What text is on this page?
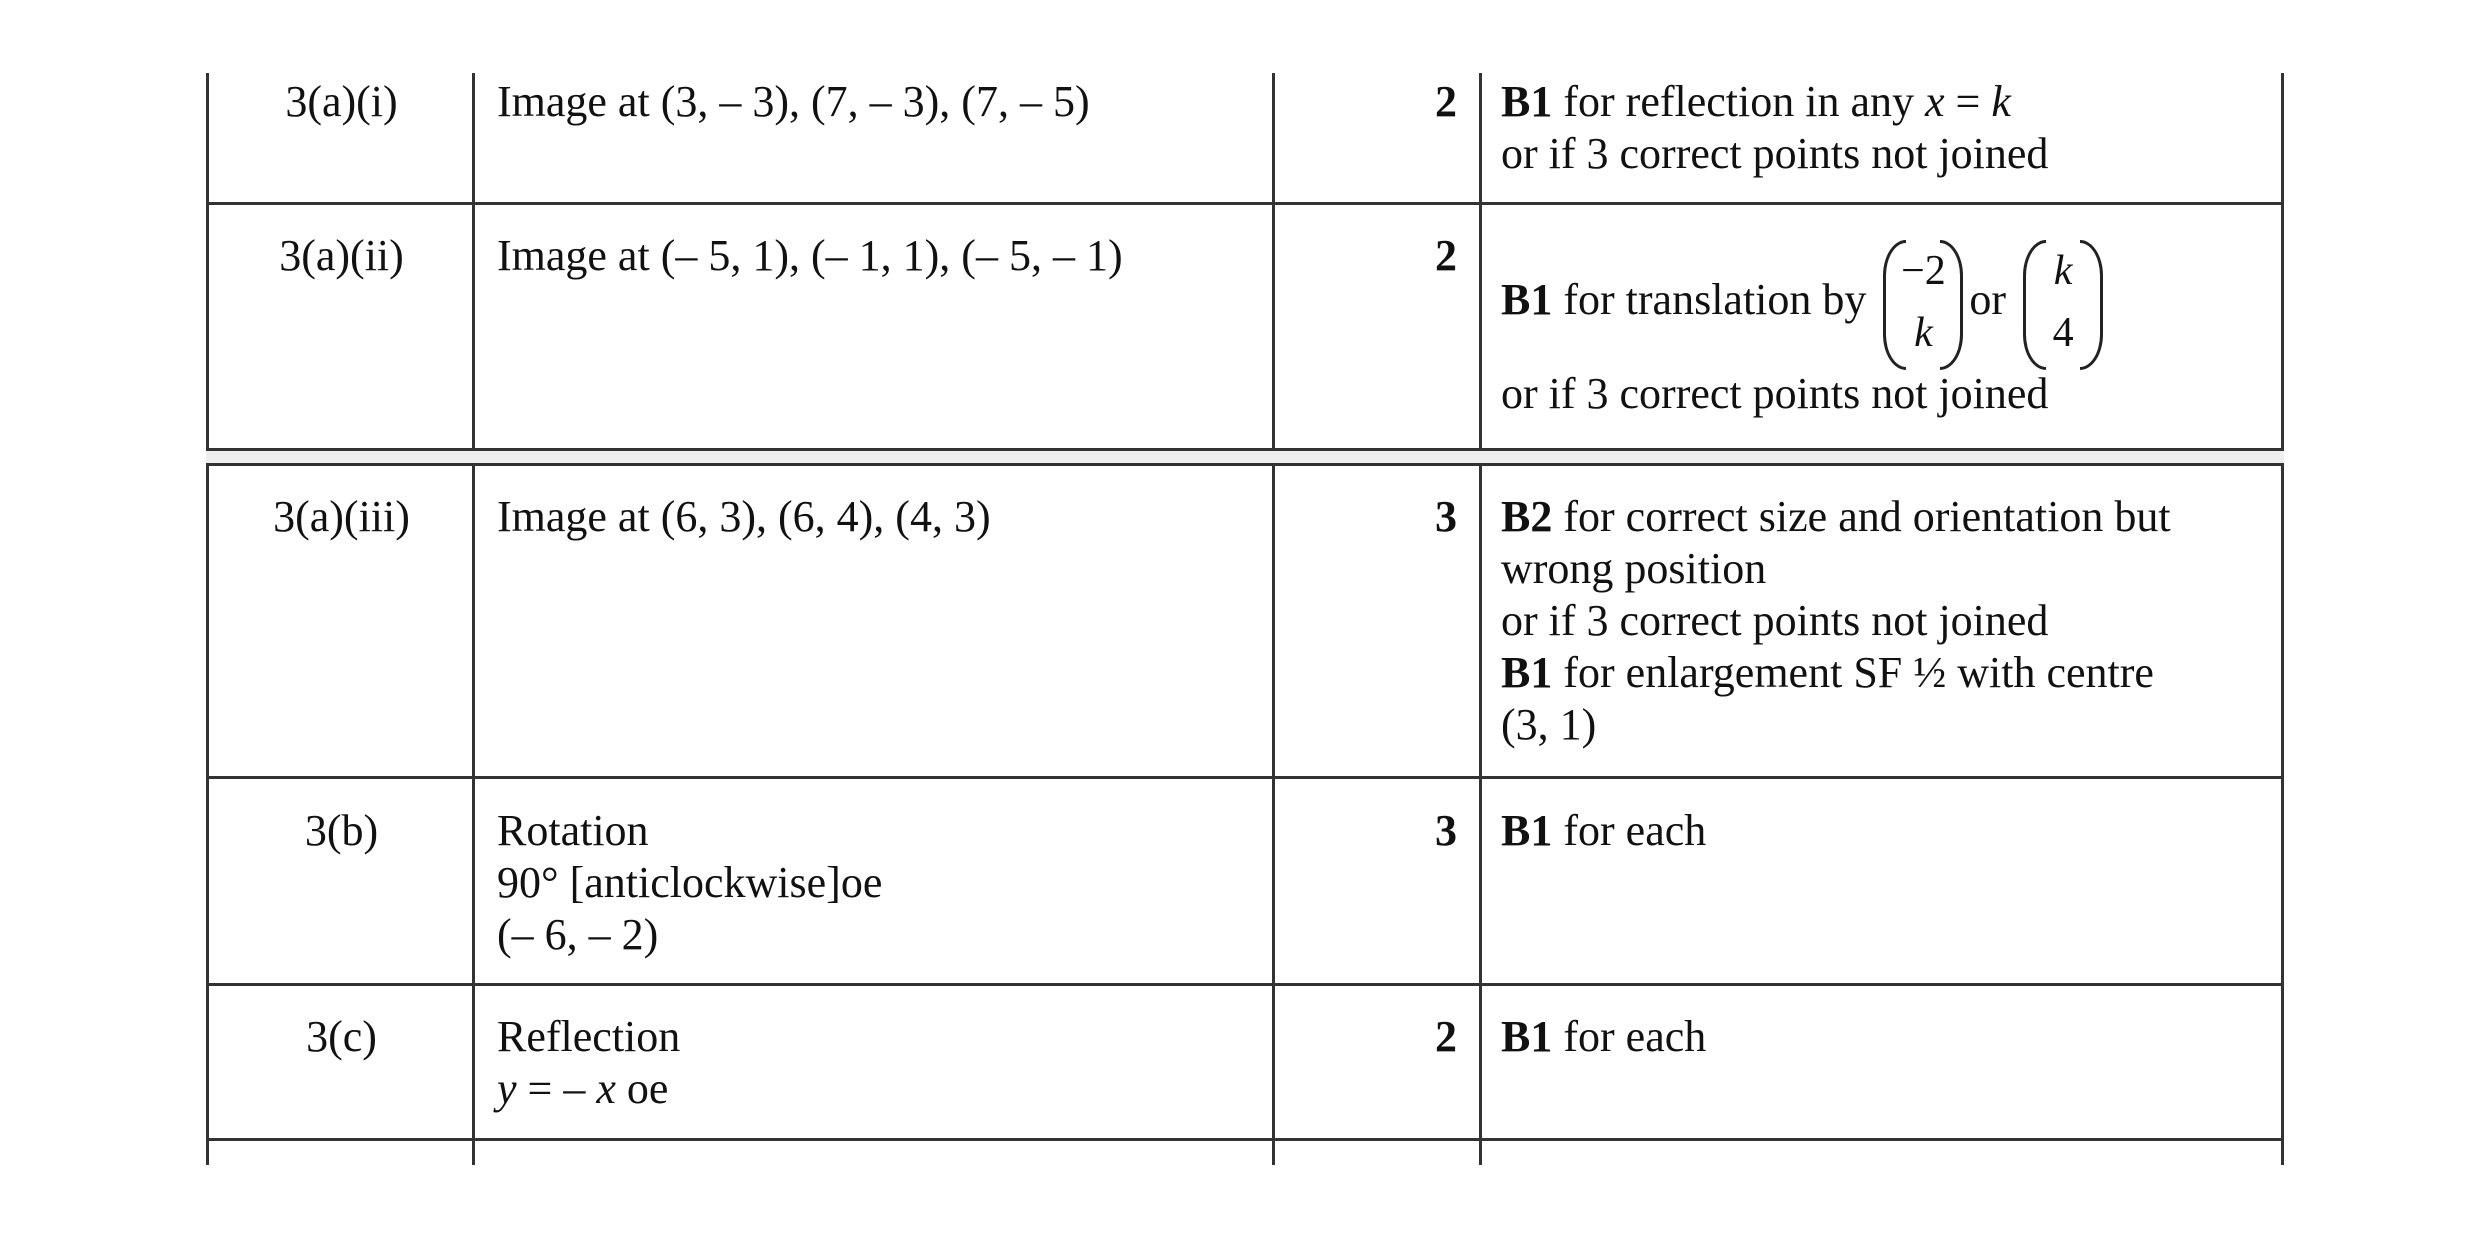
3(a)(i)	Image at (3, – 3), (7, – 3), (7, – 5)	2 B1 for reflection in any x = k
or if 3 correct points not joined
3(a)(ii)	Image at (– 5, 1), (– 1, 1), (– 5, – 1)	2
B1 for translation by
−2
k
or
k
4
or if 3 correct points not joined
3(a)(iii)	Image at (6, 3), (6, 4), (4, 3)	3 B2 for correct size and orientation but
wrong position
or if 3 correct points not joined
B1 for enlargement SF ½ with centre
(3, 1)
3(b)	Rotation
90° [anticlockwise]oe
(– 6, – 2)
3 B1 for each
3(c)	Reflection
y = – x oe
2 B1 for each
